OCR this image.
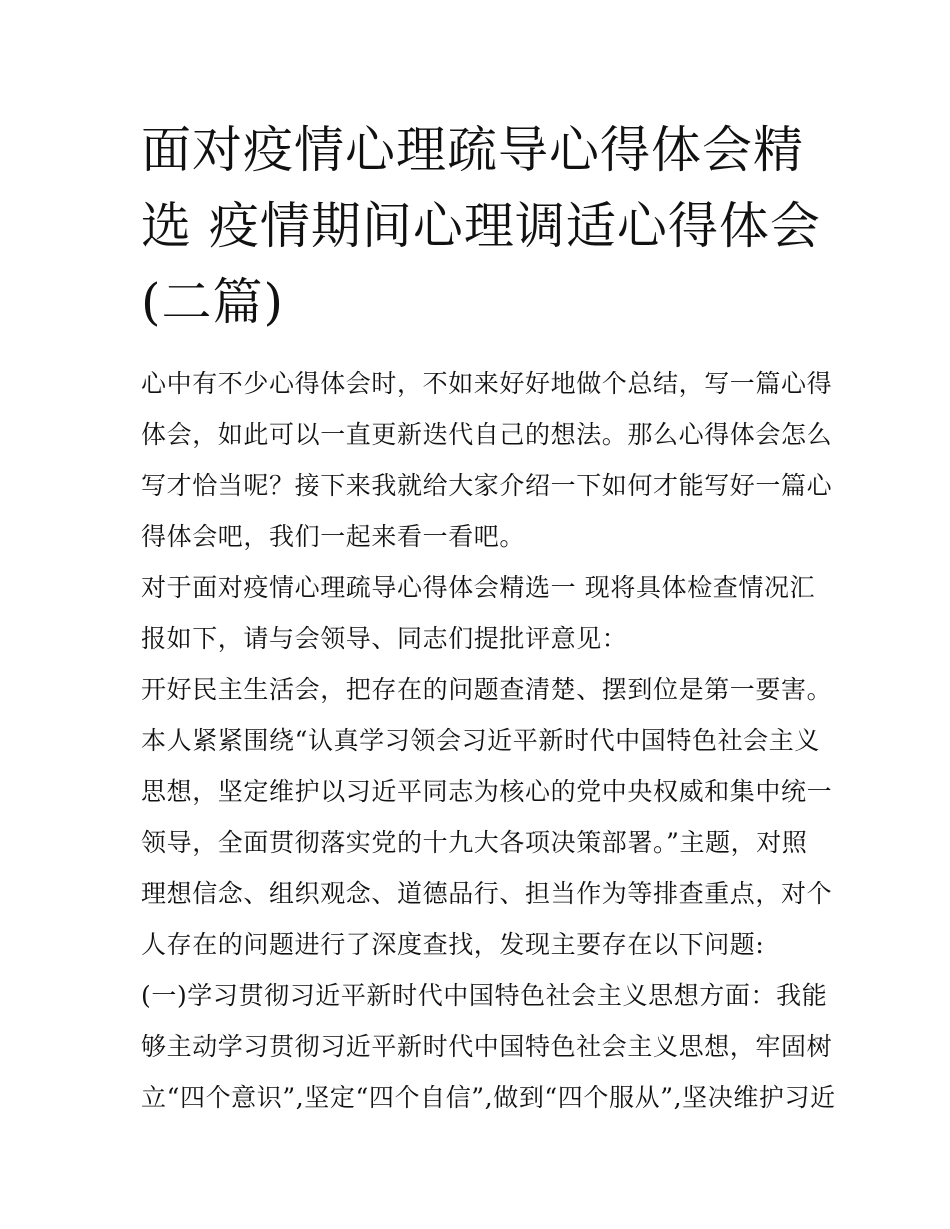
面对疫情心理疏导心得体会精
选 疫情期间心理调适心得体会
(二篇)
心中有不少心得体会时，不如来好好地做个总结，写一篇心得
体会，如此可以一直更新迭代自己的想法。那么心得体会怎么
写才恰当呢？接下来我就给大家介绍一下如何才能写好一篇心
得体会吧，我们一起来看一看吧。
对于面对疫情心理疏导心得体会精选一 现将具体检查情况汇
报如下，请与会领导、同志们提批评意见：
开好民主生活会，把存在的问题查清楚、摆到位是第一要害。
本人紧紧围绕“认真学习领会习近平新时代中国特色社会主义
思想，坚定维护以习近平同志为核心的党中央权威和集中统一
领导，全面贯彻落实党的十九大各项决策部署。”主题，对照
理想信念、组织观念、道德品行、担当作为等排查重点，对个
人存在的问题进行了深度查找，发现主要存在以下问题:
(一)学习贯彻习近平新时代中国特色社会主义思想方面：我能
够主动学习贯彻习近平新时代中国特色社会主义思想，牢固树
立“四个意识”,坚定“四个自信”,做到“四个服从”,坚决维护习近
